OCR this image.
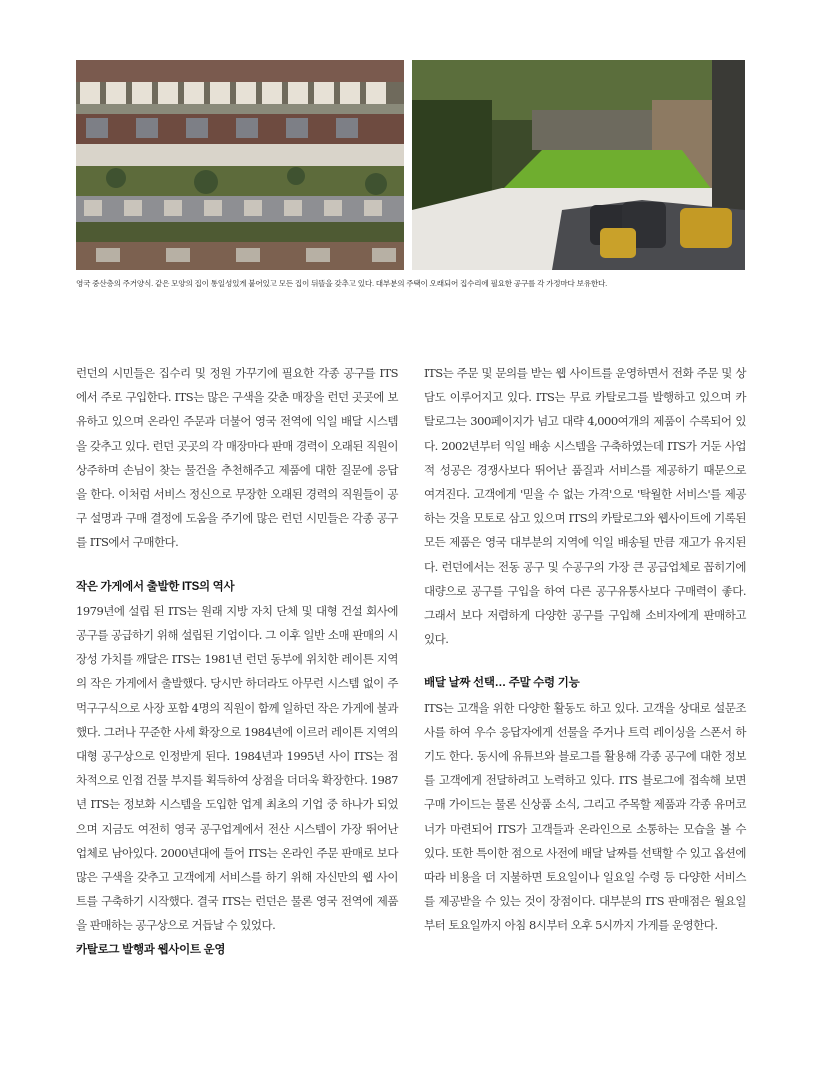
영국 중산층의 주거양식. 같은 모양의 집이 통일성있게 붙어있고 모든 집이 뒤뜰을 갖추고 있다. 대부분의 주택이 오래되어 집수리에 필요한 공구를 각 가정마다 보유한다.

런던의 시민들은 집수리 및 정원 가꾸기에 필요한 각종 공구를 ITS에서 주로 구입한다. ITS는 많은 구색을 갖춘 매장을 런던 곳곳에 보유하고 있으며 온라인 주문과 더불어 영국 전역에 익일 배달 시스템을 갖추고 있다. 런던 곳곳의 각 매장마다 판매 경력이 오래된 직원이 상주하며 손님이 찾는 물건을 추천해주고 제품에 대한 질문에 응답을 한다. 이처럼 서비스 정신으로 무장한 오래된 경력의 직원들이 공구 설명과 구매 결정에 도움을 주기에 많은 런던 시민들은 각종 공구를 ITS에서 구매한다.

작은 가게에서 출발한 ITS의 역사

1979년에 설립 된 ITS는 원래 지방 자치 단체 및 대형 건설 회사에 공구를 공급하기 위해 설립된 기업이다. 그 이후 일반 소매 판매의 시장성 가치를 깨달은 ITS는 1981년 런던 동부에 위치한 레이튼 지역의 작은 가게에서 출발했다. 당시만 하더라도 아무런 시스템 없이 주먹구구식으로 사장 포함 4명의 직원이 함께 일하던 작은 가게에 불과했다. 그러나 꾸준한 사세 확장으로 1984년에 이르러 레이튼 지역의 대형 공구상으로 인정받게 된다. 1984년과 1995년 사이 ITS는 점차적으로 인접 건물 부지를 획득하여 상점을 더더욱 확장한다. 1987년 ITS는 정보화 시스템을 도입한 업계 최초의 기업 중 하나가 되었으며 지금도 여전히 영국 공구업계에서 전산 시스템이 가장 뛰어난 업체로 남아있다. 2000년대에 들어 ITS는 온라인 주문 판매로 보다 많은 구색을 갖추고 고객에게 서비스를 하기 위해 자신만의 웹 사이트를 구축하기 시작했다. 결국 ITS는 런던은 물론 영국 전역에 제품을 판매하는 공구상으로 거듭날 수 있었다.

카탈로그 발행과 웹사이트 운영

ITS는 주문 및 문의를 받는 웹 사이트를 운영하면서 전화 주문 및 상담도 이루어지고 있다. ITS는 무료 카탈로그를 발행하고 있으며 카탈로그는 300페이지가 넘고 대략 4,000여개의 제품이 수록되어 있다. 2002년부터 익일 배송 시스템을 구축하였는데 ITS가 거둔 사업적 성공은 경쟁사보다 뛰어난 품질과 서비스를 제공하기 때문으로 여겨진다. 고객에게 '믿을 수 없는 가격'으로 '탁월한 서비스'를 제공하는 것을 모토로 삼고 있으며 ITS의 카탈로그와 웹사이트에 기록된 모든 제품은 영국 대부분의 지역에 익일 배송될 만큼 재고가 유지된다. 런던에서는 전동 공구 및 수공구의 가장 큰 공급업체로 꼽히기에 대량으로 공구를 구입을 하여 다른 공구유통사보다 구매력이 좋다. 그래서 보다 저렴하게 다양한 공구를 구입해 소비자에게 판매하고 있다.

배달 날짜 선택… 주말 수령 기능

ITS는 고객을 위한 다양한 활동도 하고 있다. 고객을 상대로 설문조사를 하여 우수 응답자에게 선물을 주거나 트럭 레이싱을 스폰서 하기도 한다. 동시에 유튜브와 블로그를 활용해 각종 공구에 대한 정보를 고객에게 전달하려고 노력하고 있다. ITS 블로그에 접속해 보면 구매 가이드는 물론 신상품 소식, 그리고 주목할 제품과 각종 유머코너가 마련되어 ITS가 고객들과 온라인으로 소통하는 모습을 볼 수 있다. 또한 특이한 점으로 사전에 배달 날짜를 선택할 수 있고 옵션에 따라 비용을 더 지불하면 토요일이나 일요일 수령 등 다양한 서비스를 제공받을 수 있는 것이 장점이다. 대부분의 ITS 판매점은 월요일부터 토요일까지 아침 8시부터 오후 5시까지 가게를 운영한다.
